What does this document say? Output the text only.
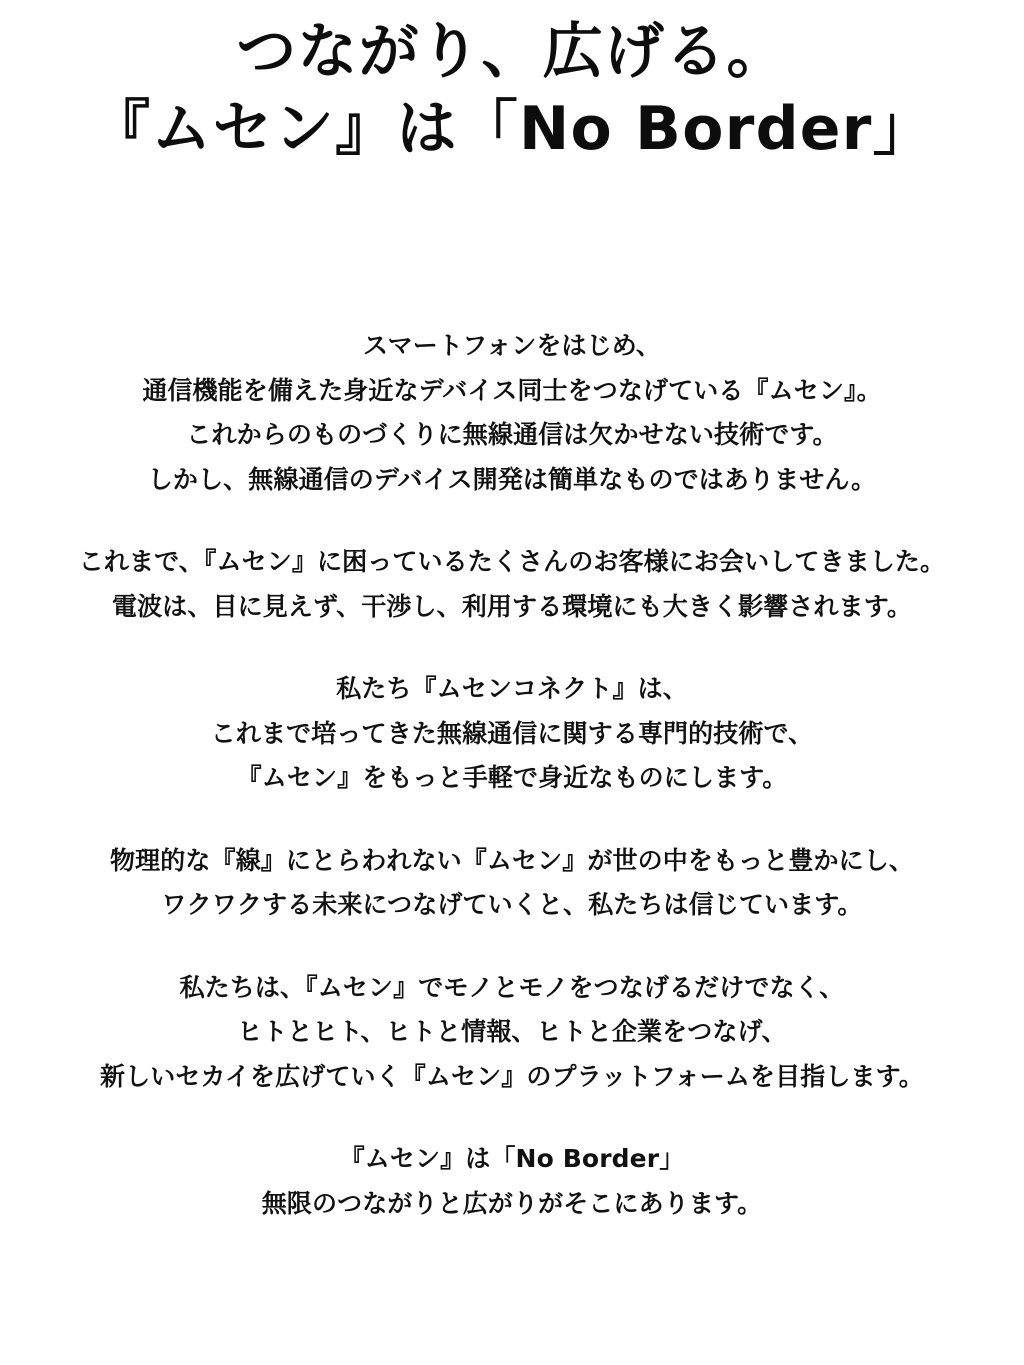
つながり、広げる。
『ムセン』は「No Border」

スマートフォンをはじめ、
通信機能を備えた身近なデバイス同士をつなげている『ムセン』。
これからのものづくりに無線通信は欠かせない技術です。
しかし、無線通信のデバイス開発は簡単なものではありません。

これまで、『ムセン』に困っているたくさんのお客様にお会いしてきました。
電波は、目に見えず、干渉し、利用する環境にも大きく影響されます。

私たち『ムセンコネクト』は、
これまで培ってきた無線通信に関する専門的技術で、
『ムセン』をもっと手軽で身近なものにします。

物理的な『線』にとらわれない『ムセン』が世の中をもっと豊かにし、
ワクワクする未来につなげていくと、私たちは信じています。

私たちは、『ムセン』でモノとモノをつなげるだけでなく、
ヒトとヒト、ヒトと情報、ヒトと企業をつなげ、
新しいセカイを広げていく『ムセン』のプラットフォームを目指します。

『ムセン』は「No Border」
無限のつながりと広がりがそこにあります。
